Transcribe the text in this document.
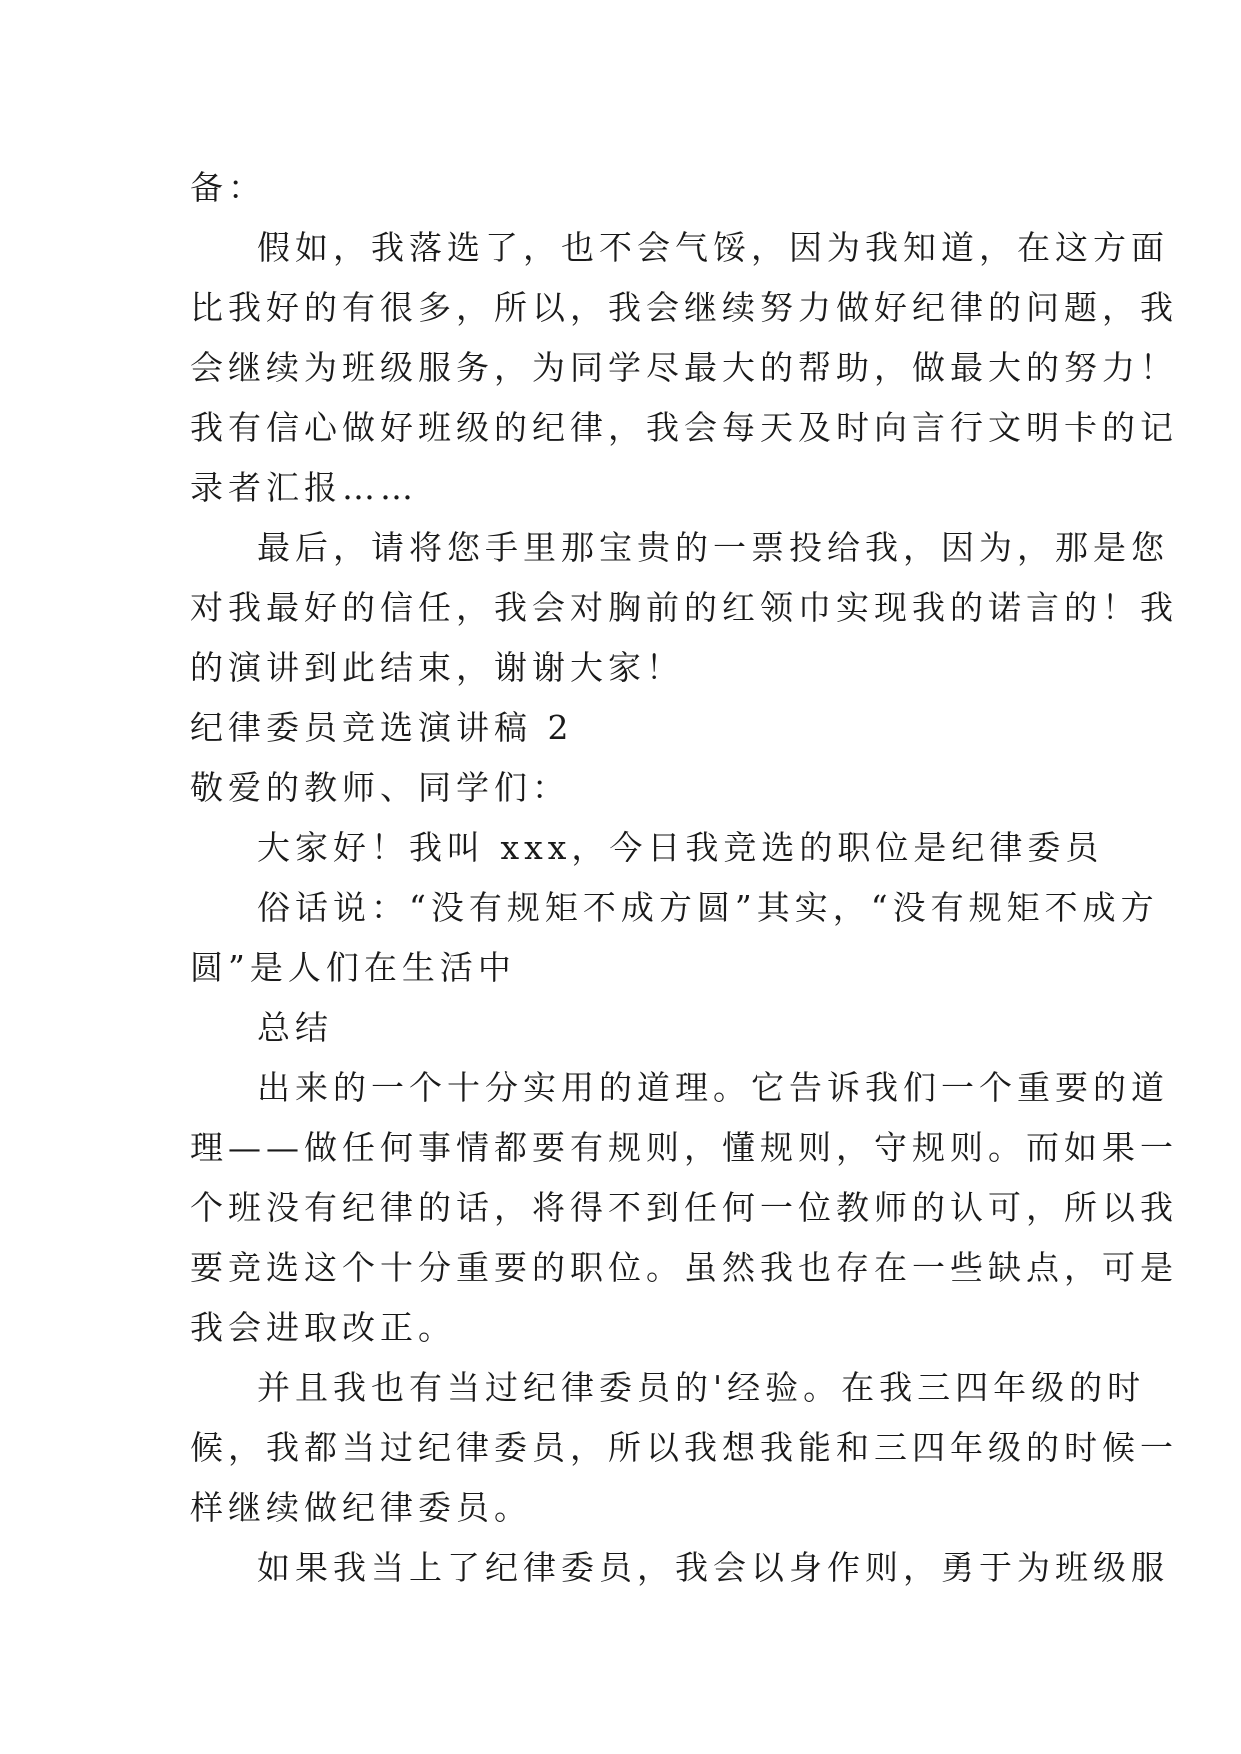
备：
假如，我落选了，也不会气馁，因为我知道，在这方面
比我好的有很多，所以，我会继续努力做好纪律的问题，我
会继续为班级服务，为同学尽最大的帮助，做最大的努力！
我有信心做好班级的纪律，我会每天及时向言行文明卡的记
录者汇报……
最后，请将您手里那宝贵的一票投给我，因为，那是您
对我最好的信任，我会对胸前的红领巾实现我的诺言的！我
的演讲到此结束，谢谢大家！
纪律委员竞选演讲稿 2
敬爱的教师、同学们：
大家好！我叫 xxx，今日我竞选的职位是纪律委员
俗话说：“没有规矩不成方圆”其实，“没有规矩不成方
圆”是人们在生活中
总结
出来的一个十分实用的道理。它告诉我们一个重要的道
理——做任何事情都要有规则，懂规则，守规则。而如果一
个班没有纪律的话，将得不到任何一位教师的认可，所以我
要竞选这个十分重要的职位。虽然我也存在一些缺点，可是
我会进取改正。
并且我也有当过纪律委员的'经验。在我三四年级的时
候，我都当过纪律委员，所以我想我能和三四年级的时候一
样继续做纪律委员。
如果我当上了纪律委员，我会以身作则，勇于为班级服
